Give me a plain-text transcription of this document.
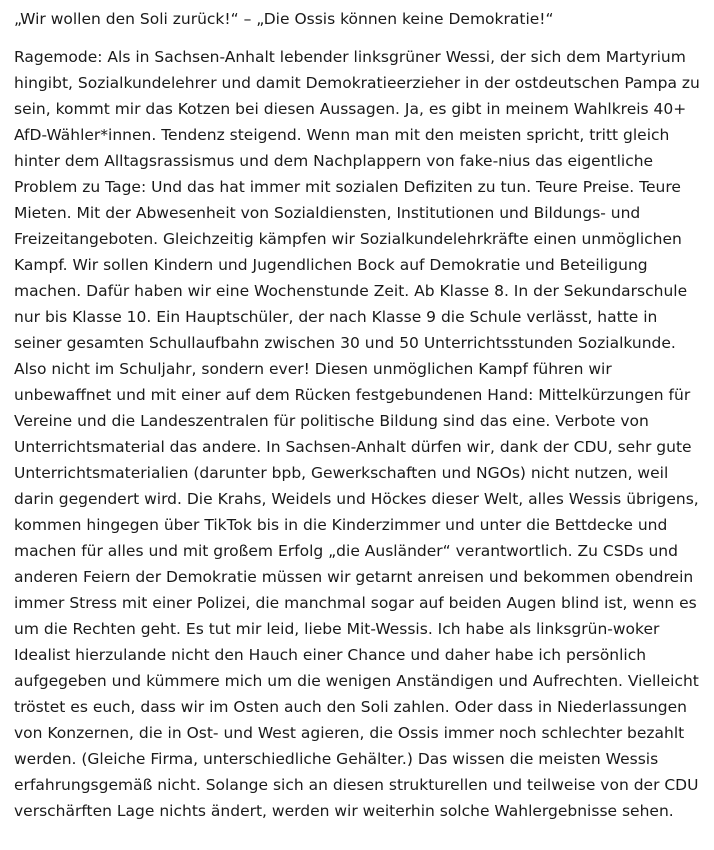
„Wir wollen den Soli zurück!“ – „Die Ossis können keine Demokratie!“

Ragemode: Als in Sachsen-Anhalt lebender linksgrüner Wessi, der sich dem Martyrium
hingibt, Sozialkundelehrer und damit Demokratieerzieher in der ostdeutschen Pampa zu
sein, kommt mir das Kotzen bei diesen Aussagen. Ja, es gibt in meinem Wahlkreis 40+
AfD-Wähler*innen. Tendenz steigend. Wenn man mit den meisten spricht, tritt gleich
hinter dem Alltagsrassismus und dem Nachplappern von fake-nius das eigentliche
Problem zu Tage: Und das hat immer mit sozialen Defiziten zu tun. Teure Preise. Teure
Mieten. Mit der Abwesenheit von Sozialdiensten, Institutionen und Bildungs- und
Freizeitangeboten. Gleichzeitig kämpfen wir Sozialkundelehrkräfte einen unmöglichen
Kampf. Wir sollen Kindern und Jugendlichen Bock auf Demokratie und Beteiligung
machen. Dafür haben wir eine Wochenstunde Zeit. Ab Klasse 8. In der Sekundarschule
nur bis Klasse 10. Ein Hauptschüler, der nach Klasse 9 die Schule verlässt, hatte in
seiner gesamten Schullaufbahn zwischen 30 und 50 Unterrichtsstunden Sozialkunde.
Also nicht im Schuljahr, sondern ever! Diesen unmöglichen Kampf führen wir
unbewaffnet und mit einer auf dem Rücken festgebundenen Hand: Mittelkürzungen für
Vereine und die Landeszentralen für politische Bildung sind das eine. Verbote von
Unterrichtsmaterial das andere. In Sachsen-Anhalt dürfen wir, dank der CDU, sehr gute
Unterrichtsmaterialien (darunter bpb, Gewerkschaften und NGOs) nicht nutzen, weil
darin gegendert wird. Die Krahs, Weidels und Höckes dieser Welt, alles Wessis übrigens,
kommen hingegen über TikTok bis in die Kinderzimmer und unter die Bettdecke und
machen für alles und mit großem Erfolg „die Ausländer“ verantwortlich. Zu CSDs und
anderen Feiern der Demokratie müssen wir getarnt anreisen und bekommen obendrein
immer Stress mit einer Polizei, die manchmal sogar auf beiden Augen blind ist, wenn es
um die Rechten geht. Es tut mir leid, liebe Mit-Wessis. Ich habe als linksgrün-woker
Idealist hierzulande nicht den Hauch einer Chance und daher habe ich persönlich
aufgegeben und kümmere mich um die wenigen Anständigen und Aufrechten. Vielleicht
tröstet es euch, dass wir im Osten auch den Soli zahlen. Oder dass in Niederlassungen
von Konzernen, die in Ost- und West agieren, die Ossis immer noch schlechter bezahlt
werden. (Gleiche Firma, unterschiedliche Gehälter.) Das wissen die meisten Wessis
erfahrungsgemäß nicht. Solange sich an diesen strukturellen und teilweise von der CDU
verschärften Lage nichts ändert, werden wir weiterhin solche Wahlergebnisse sehen.
